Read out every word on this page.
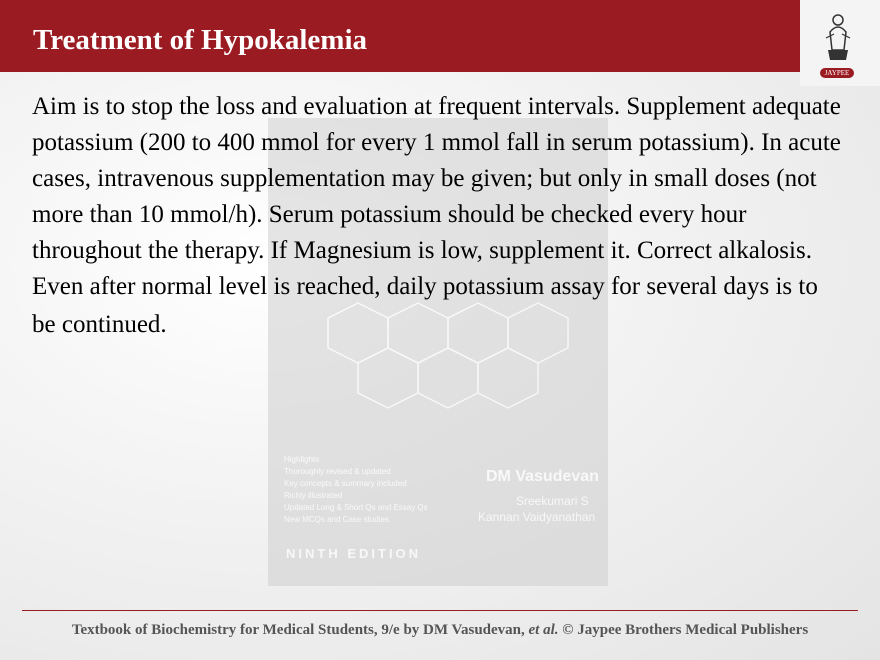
Treatment of Hypokalemia
JAYPEE
Highlights
Thoroughly revised & updated
Key concepts & summary included
Richly illustrated
Updated Long & Short Qs and Essay Qs
New MCQs and Case studies
DM Vasudevan
Sreekumari S
Kannan Vaidyanathan
NINTH EDITION

Aim is to stop the loss and evaluation at frequent intervals. Supplement adequate potassium (200 to 400 mmol for every 1 mmol fall in serum potassium). In acute cases, intravenous supplementation may be given; but only in small doses (not more than 10 mmol/h). Serum potassium should be checked every hour throughout the therapy. If Magnesium is low, supplement it. Correct alkalosis. Even after normal level is reached, daily potassium assay for several days is to

be continued.

Textbook of Biochemistry for Medical Students, 9/e by DM Vasudevan, et al. © Jaypee Brothers Medical Publishers
